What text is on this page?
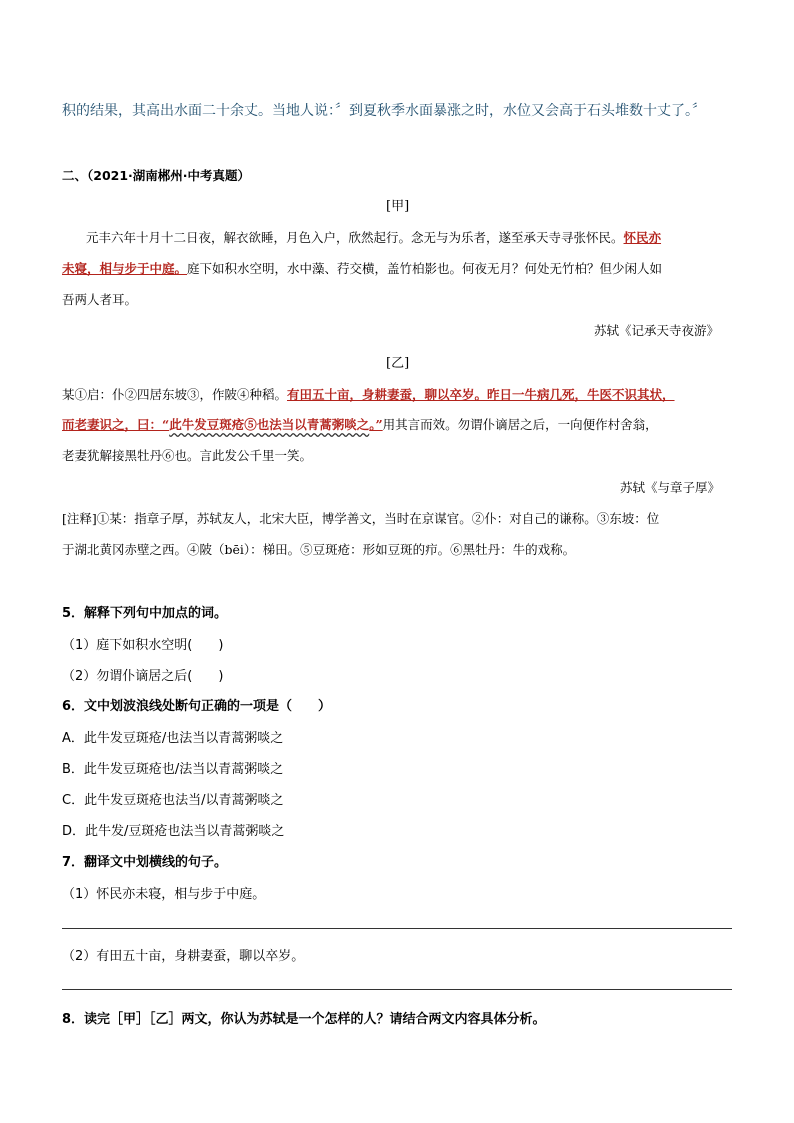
积的结果，其高出水面二十余丈。当地人说：〞到夏秋季水面暴涨之时，水位又会高于石头堆数十丈了。〞
二、（2021·湖南郴州·中考真题）
[甲]
元丰六年十月十二日夜，解衣欲睡，月色入户，欣然起行。念无与为乐者，遂至承天寺寻张怀民。怀民亦
未寝，相与步于中庭。庭下如积水空明，水中藻、荇交横，盖竹柏影也。何夜无月？何处无竹柏？但少闲人如
吾两人者耳。
苏轼《记承天寺夜游》
[乙]
某①启：仆②四居东坡③，作陂④种稻。有田五十亩，身耕妻蚕，聊以卒岁。昨日一牛病几死，牛医不识其状，
而老妻识之，曰：“此牛发豆斑疮⑤也法当以青蒿粥啖之。”用其言而效。勿谓仆谪居之后，一向便作村舍翁，
老妻犹解接黑牡丹⑥也。言此发公千里一笑。
苏轼《与章子厚》
[注释]①某：指章子厚，苏轼友人，北宋大臣，博学善文，当时在京谋官。②仆：对自己的谦称。③东坡：位
于湖北黄冈赤壁之西。④陂（bēi）：梯田。⑤豆斑疮：形如豆斑的疖。⑥黑牡丹：牛的戏称。
5．解释下列句中加点的词。
（1）庭下如积水空明(　　)
（2）勿谓仆谪居之后(　　)
6．文中划波浪线处断句正确的一项是（　　）
A．此牛发豆斑疮/也法当以青蒿粥啖之
B．此牛发豆斑疮也/法当以青蒿粥啖之
C．此牛发豆斑疮也法当/以青蒿粥啖之
D．此牛发/豆斑疮也法当以青蒿粥啖之
7．翻译文中划横线的句子。
（1）怀民亦未寝，相与步于中庭。
（2）有田五十亩，身耕妻蚕，聊以卒岁。
8．读完［甲］［乙］两文，你认为苏轼是一个怎样的人？请结合两文内容具体分析。
